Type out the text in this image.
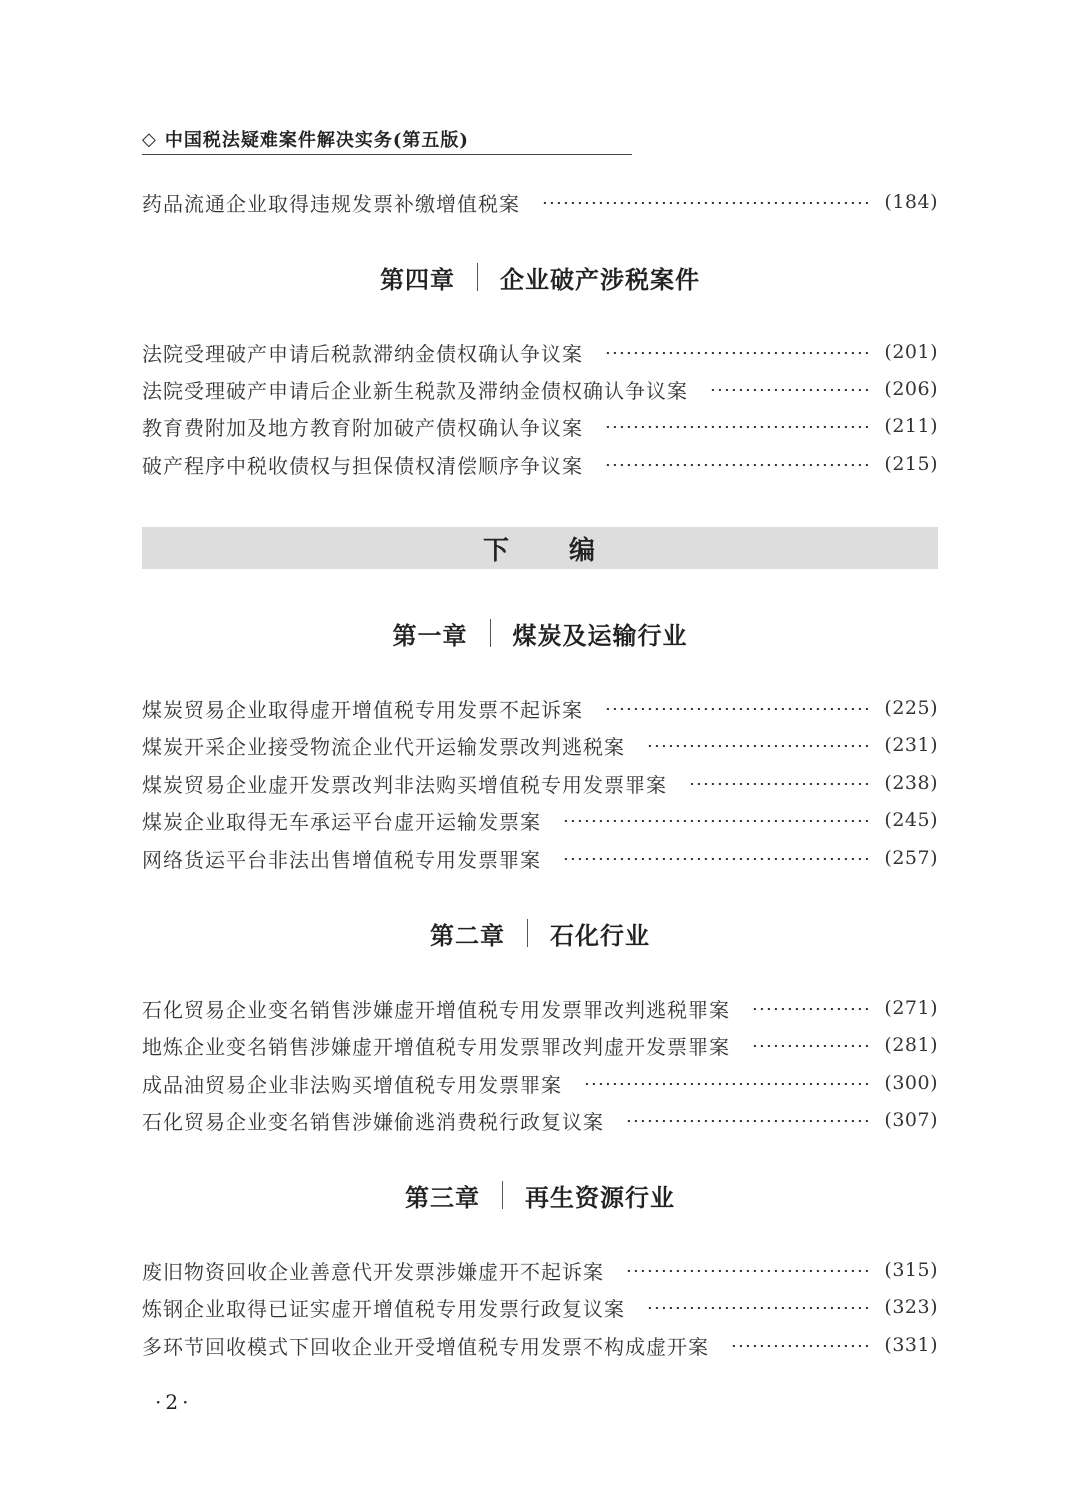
◇ 中国税法疑难案件解决实务(第五版)
药品流通企业取得违规发票补缴增值税案	(184)
第四章 企业破产涉税案件
法院受理破产申请后税款滞纳金债权确认争议案	(201)
法院受理破产申请后企业新生税款及滞纳金债权确认争议案	(206)
教育费附加及地方教育附加破产债权确认争议案	(211)
破产程序中税收债权与担保债权清偿顺序争议案	(215)
下 编
第一章 煤炭及运输行业
煤炭贸易企业取得虚开增值税专用发票不起诉案	(225)
煤炭开采企业接受物流企业代开运输发票改判逃税案	(231)
煤炭贸易企业虚开发票改判非法购买增值税专用发票罪案	(238)
煤炭企业取得无车承运平台虚开运输发票案	(245)
网络货运平台非法出售增值税专用发票罪案	(257)
第二章 石化行业
石化贸易企业变名销售涉嫌虚开增值税专用发票罪改判逃税罪案	(271)
地炼企业变名销售涉嫌虚开增值税专用发票罪改判虚开发票罪案	(281)
成品油贸易企业非法购买增值税专用发票罪案	(300)
石化贸易企业变名销售涉嫌偷逃消费税行政复议案	(307)
第三章 再生资源行业
废旧物资回收企业善意代开发票涉嫌虚开不起诉案	(315)
炼钢企业取得已证实虚开增值税专用发票行政复议案	(323)
多环节回收模式下回收企业开受增值税专用发票不构成虚开案	(331)
·2·
